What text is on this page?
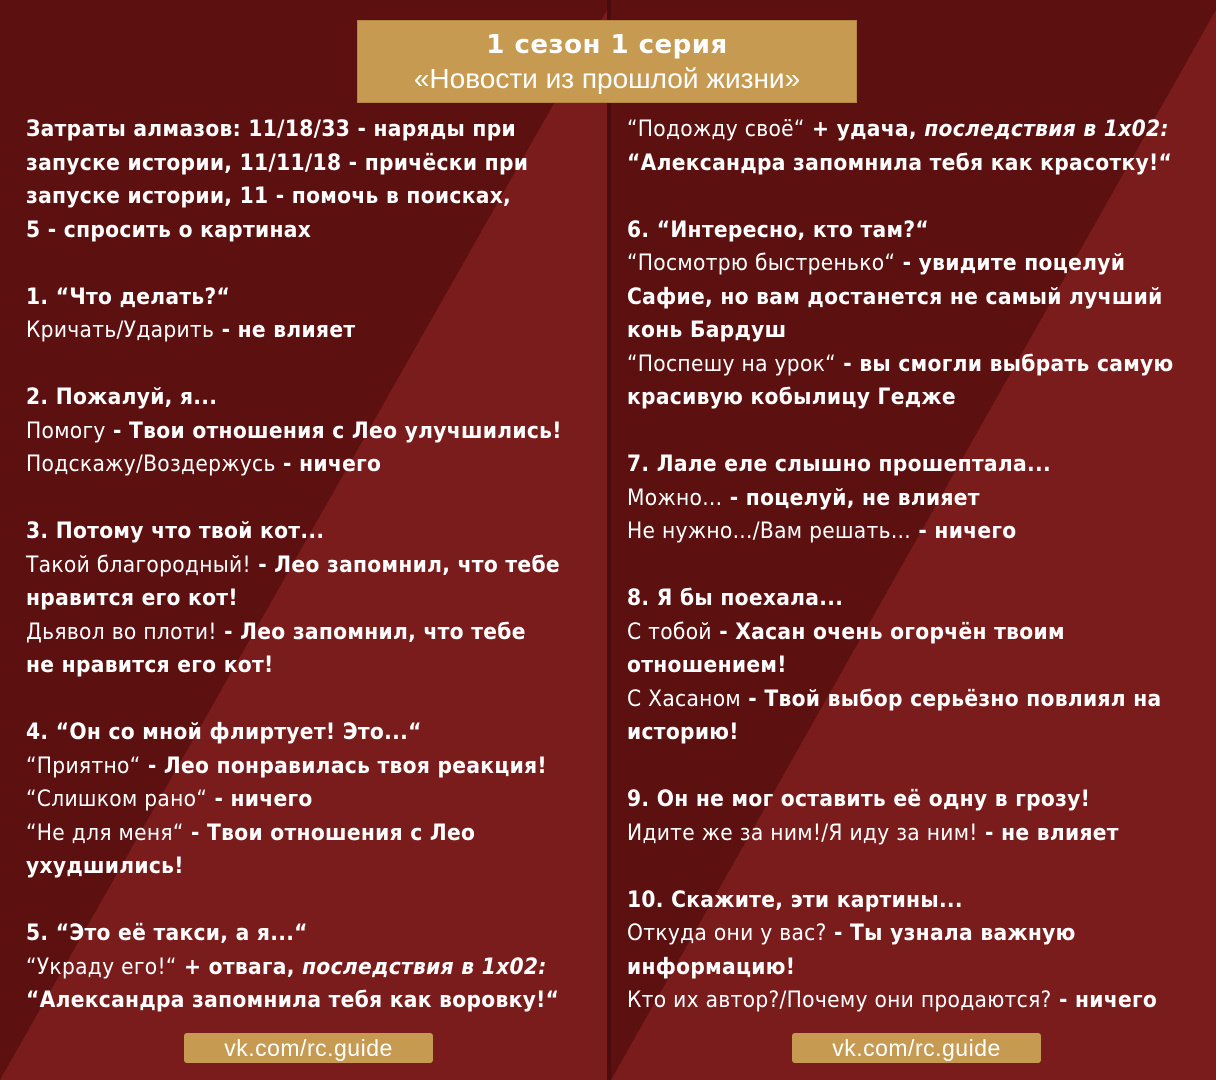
1 сезон 1 серия
«Новости из прошлой жизни»
Затраты алмазов: 11/18/33 - наряды при
запуске истории, 11/11/18 - причёски при
запуске истории, 11 - помочь в поисках,
5 - спросить о картинах
1. “Что делать?“
Кричать/Ударить - не влияет
2. Пожалуй, я...
Помогу - Твои отношения с Лео улучшились!
Подскажу/Воздержусь - ничего
3. Потому что твой кот...
Такой благородный! - Лео запомнил, что тебе
нравится его кот!
Дьявол во плоти! - Лео запомнил, что тебе
не нравится его кот!
4. “Он со мной флиртует! Это...“
“Приятно“ - Лео понравилась твоя реакция!
“Слишком рано“ - ничего
“Не для меня“ - Твои отношения с Лео
ухудшились!
5. “Это её такси, а я...“
“Украду его!“ + отвага, последствия в 1х02:
“Александра запомнила тебя как воровку!“
“Подожду своё“ + удача, последствия в 1х02:
“Александра запомнила тебя как красотку!“
6. “Интересно, кто там?“
“Посмотрю быстренько“ - увидите поцелуй
Сафие, но вам достанется не самый лучший
конь Бардуш
“Поспешу на урок“ - вы смогли выбрать самую
красивую кобылицу Гедже
7. Лале еле слышно прошептала...
Можно... - поцелуй, не влияет
Не нужно.../Вам решать... - ничего
8. Я бы поехала...
С тобой - Хасан очень огорчён твоим
отношением!
С Хасаном - Твой выбор серьёзно повлиял на
историю!
9. Он не мог оставить её одну в грозу!
Идите же за ним!/Я иду за ним! - не влияет
10. Скажите, эти картины...
Откуда они у вас? - Ты узнала важную
информацию!
Кто их автор?/Почему они продаются? - ничего
vk.com/rc.guide	vk.com/rc.guide
